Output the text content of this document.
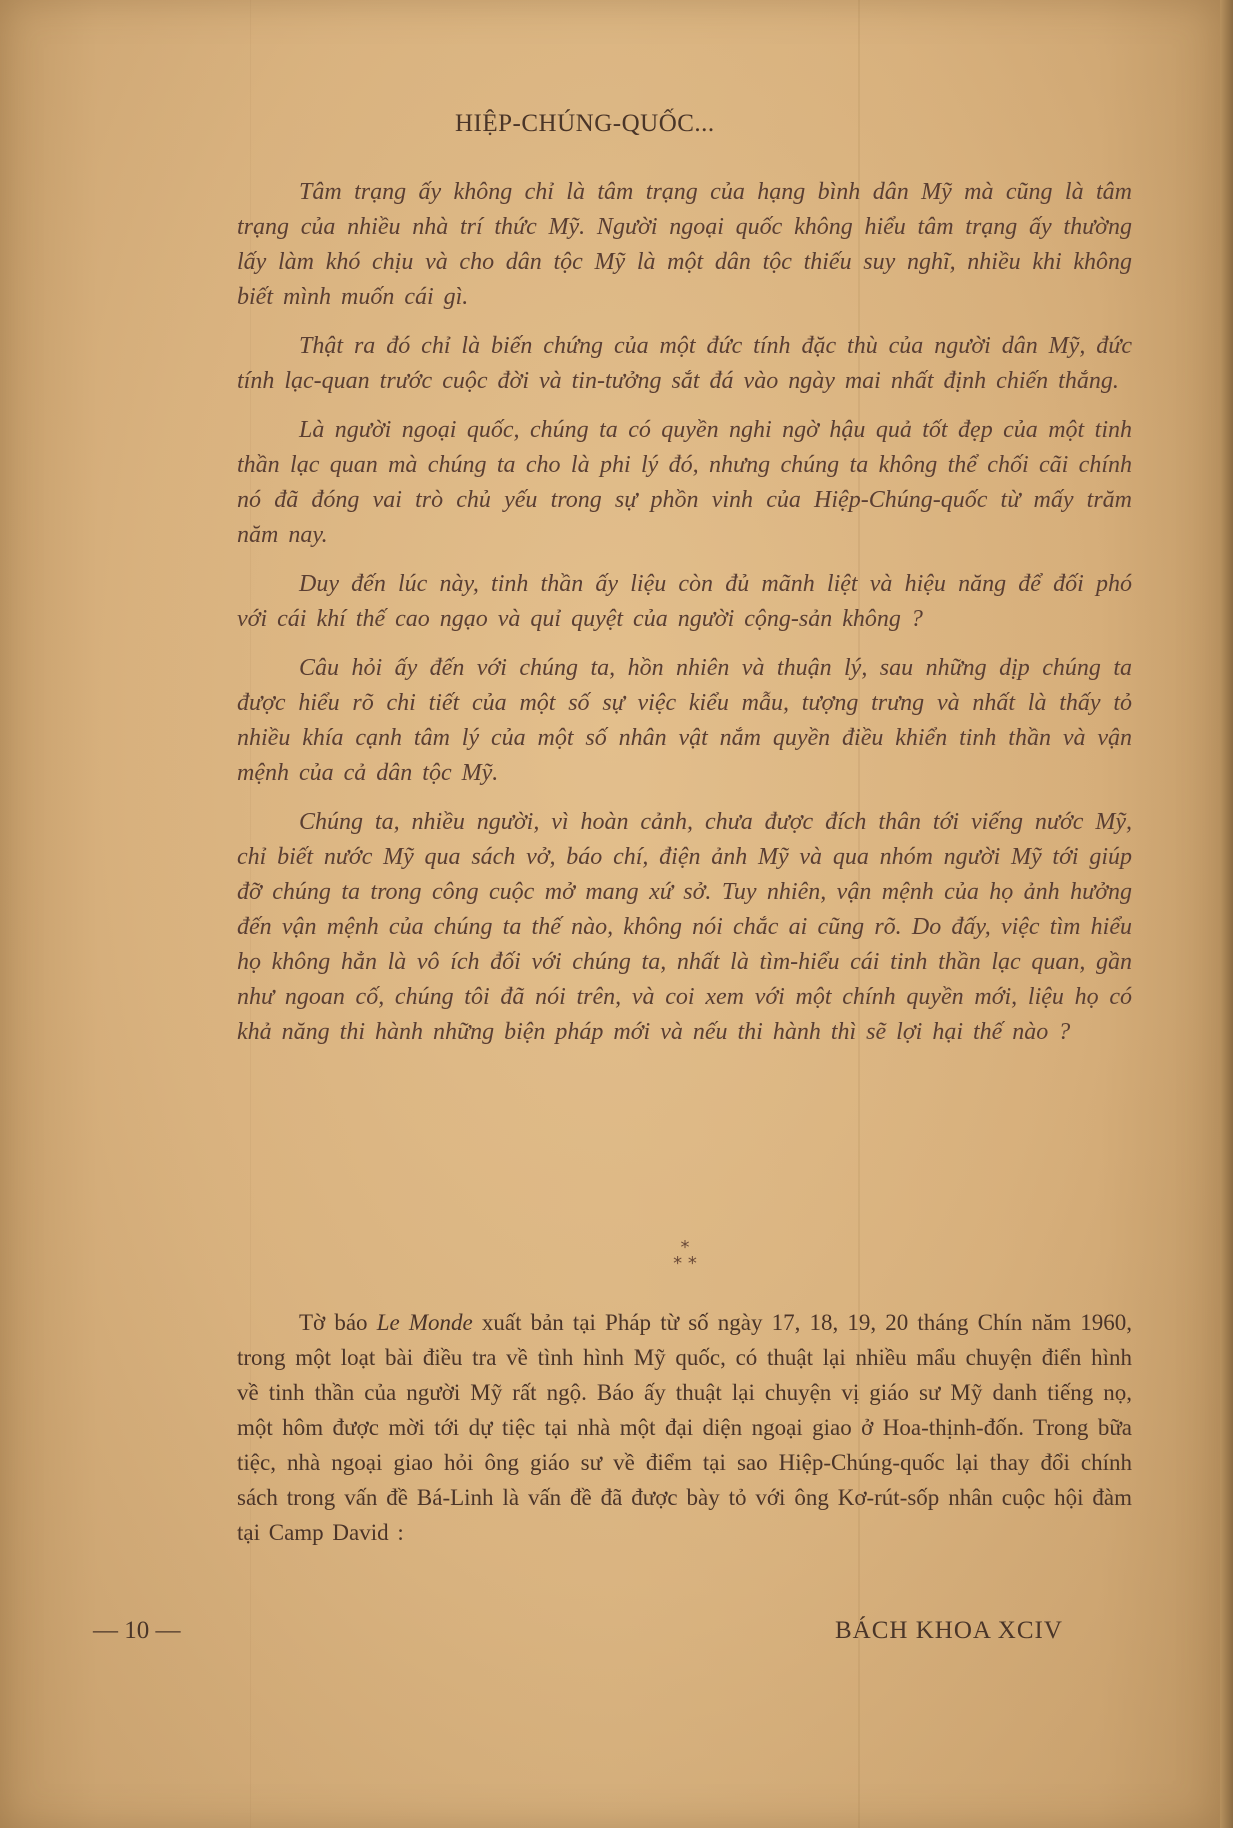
HIỆP-CHÚNG-QUỐC...

Tâm trạng ấy không chỉ là tâm trạng của hạng bình dân Mỹ mà cũng là tâm trạng của nhiều nhà trí thức Mỹ. Người ngoại quốc không hiểu tâm trạng ấy thường lấy làm khó chịu và cho dân tộc Mỹ là một dân tộc thiếu suy nghĩ, nhiều khi không biết mình muốn cái gì.

Thật ra đó chỉ là biến chứng của một đức tính đặc thù của người dân Mỹ, đức tính lạc-quan trước cuộc đời và tin-tưởng sắt đá vào ngày mai nhất định chiến thắng.

Là người ngoại quốc, chúng ta có quyền nghi ngờ hậu quả tốt đẹp của một tinh thần lạc quan mà chúng ta cho là phi lý đó, nhưng chúng ta không thể chối cãi chính nó đã đóng vai trò chủ yếu trong sự phồn vinh của Hiệp-Chúng-quốc từ mấy trăm năm nay.

Duy đến lúc này, tinh thần ấy liệu còn đủ mãnh liệt và hiệu năng để đối phó với cái khí thế cao ngạo và quỉ quyệt của người cộng-sản không ?

Câu hỏi ấy đến với chúng ta, hồn nhiên và thuận lý, sau những dịp chúng ta được hiểu rõ chi tiết của một số sự việc kiểu mẫu, tượng trưng và nhất là thấy tỏ nhiều khía cạnh tâm lý của một số nhân vật nắm quyền điều khiển tinh thần và vận mệnh của cả dân tộc Mỹ.

Chúng ta, nhiều người, vì hoàn cảnh, chưa được đích thân tới viếng nước Mỹ, chỉ biết nước Mỹ qua sách vở, báo chí, điện ảnh Mỹ và qua nhóm người Mỹ tới giúp đỡ chúng ta trong công cuộc mở mang xứ sở. Tuy nhiên, vận mệnh của họ ảnh hưởng đến vận mệnh của chúng ta thế nào, không nói chắc ai cũng rõ. Do đấy, việc tìm hiểu họ không hẳn là vô ích đối với chúng ta, nhất là tìm-hiểu cái tinh thần lạc quan, gần như ngoan cố, chúng tôi đã nói trên, và coi xem với một chính quyền mới, liệu họ có khả năng thi hành những biện pháp mới và nếu thi hành thì sẽ lợi hại thế nào ?

*
* *

Tờ báo Le Monde xuất bản tại Pháp từ số ngày 17, 18, 19, 20 tháng Chín năm 1960, trong một loạt bài điều tra về tình hình Mỹ quốc, có thuật lại nhiều mẩu chuyện điển hình về tinh thần của người Mỹ rất ngộ. Báo ấy thuật lại chuyện vị giáo sư Mỹ danh tiếng nọ, một hôm được mời tới dự tiệc tại nhà một đại diện ngoại giao ở Hoa-thịnh-đốn. Trong bữa tiệc, nhà ngoại giao hỏi ông giáo sư về điểm tại sao Hiệp-Chúng-quốc lại thay đổi chính sách trong vấn đề Bá-Linh là vấn đề đã được bày tỏ với ông Kơ-rút-sốp nhân cuộc hội đàm tại Camp David :

— 10 —	BÁCH KHOA XCIV
